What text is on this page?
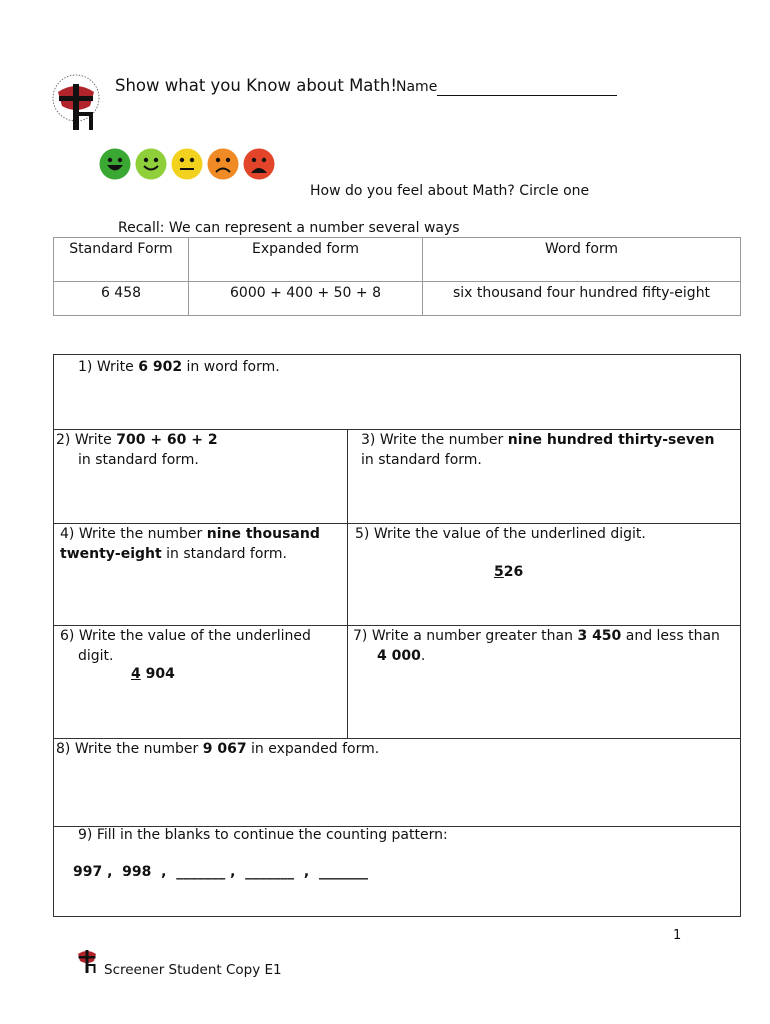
Show what you Know about Math! Name
How do you feel about Math? Circle one
Recall: We can represent a number several ways
Standard Form	Expanded form	Word form
6 458	6000 + 400 + 50 + 8	six thousand four hundred fifty-eight
1) Write 6 902 in word form.
2) Write 700 + 60 + 2
in standard form.
3) Write the number nine hundred thirty-seven in standard form.
4) Write the number nine thousand twenty-eight in standard form.
5) Write the value of the underlined digit.
526
6) Write the value of the underlined
digit.
4 904
7) Write a number greater than 3 450 and less than
4 000.
8) Write the number 9 067 in expanded form.
9) Fill in the blanks to continue the counting pattern:
997 ,  998  ,  _______ ,  _______  ,  _______
1
Screener Student Copy E1
